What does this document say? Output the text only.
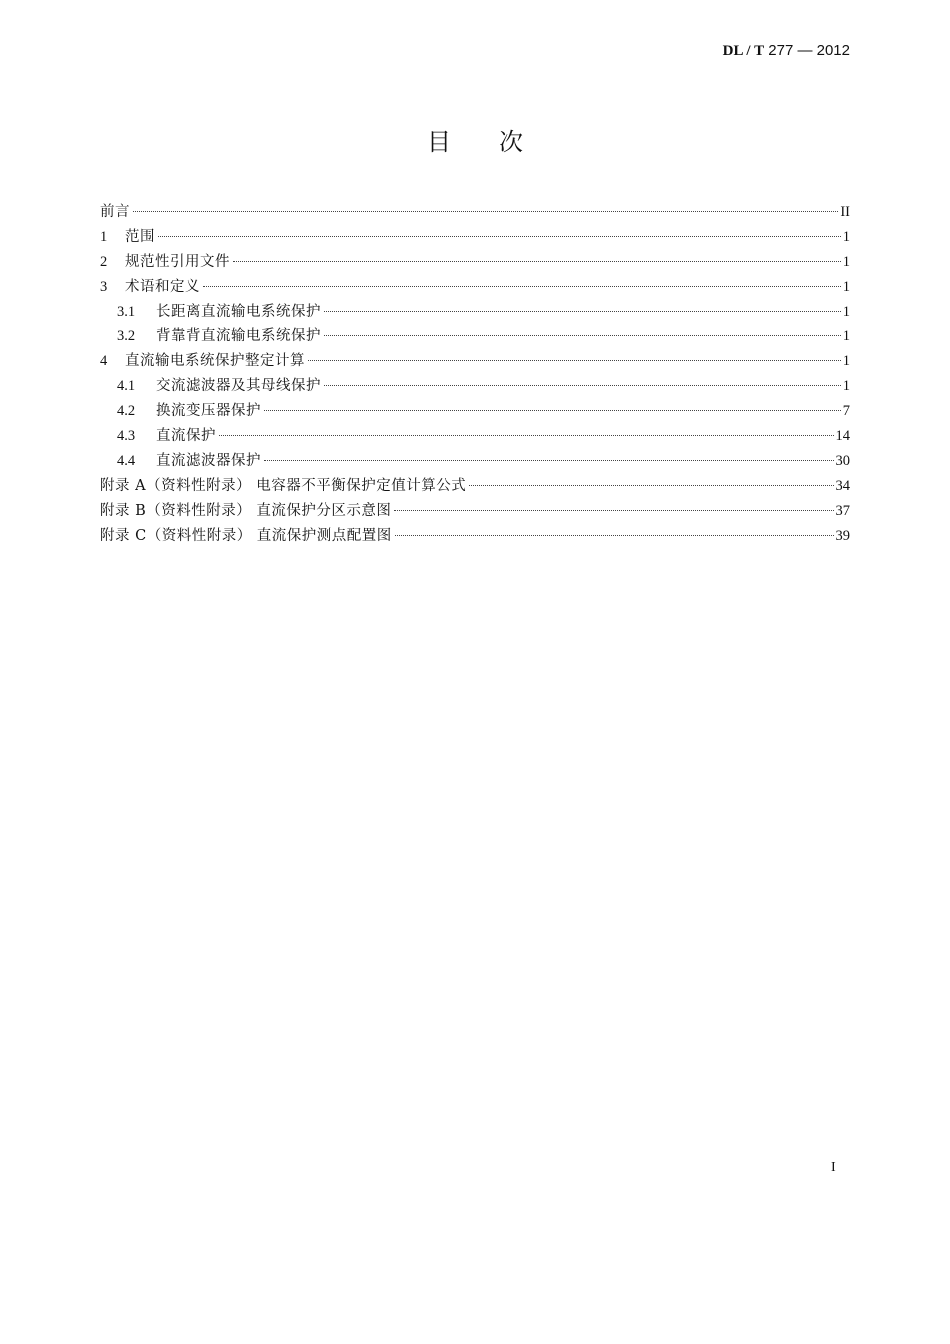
DL / T 277 — 2012
目次
前言	II
1	范围	1
2	规范性引用文件	1
3	术语和定义	1
3.1	长距离直流输电系统保护	1
3.2	背靠背直流输电系统保护	1
4	直流输电系统保护整定计算	1
4.1	交流滤波器及其母线保护	1
4.2	换流变压器保护	7
4.3	直流保护	14
4.4	直流滤波器保护	30
附录 A（资料性附录） 电容器不平衡保护定值计算公式	34
附录 B（资料性附录） 直流保护分区示意图	37
附录 C（资料性附录） 直流保护测点配置图	39
I
